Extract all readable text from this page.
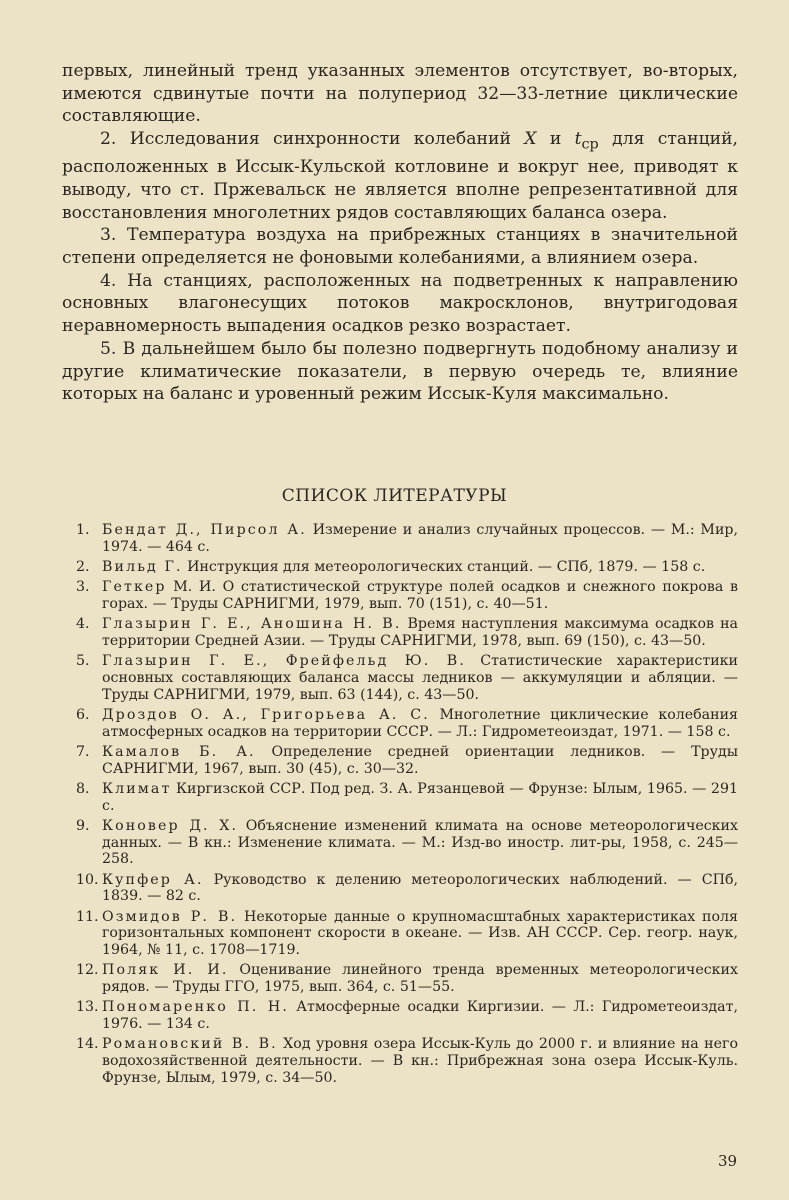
первых, линейный тренд указанных элементов отсутствует, во-вторых, имеются сдвинутые почти на полупериод 32—33-летние циклические составляющие.

2. Исследования синхронности колебаний X и $t_{ср}$ для станций, расположенных в Иссык-Кульской котловине и вокруг нее, приводят к выводу, что ст. Пржевальск не является вполне репрезентативной для восстановления многолетних рядов составляющих баланса озера.

3. Температура воздуха на прибрежных станциях в значительной степени определяется не фоновыми колебаниями, а влиянием озера.

4. На станциях, расположенных на подветренных к направлению основных влагонесущих потоков макросклонов, внутригодовая неравномерность выпадения осадков резко возрастает.

5. В дальнейшем было бы полезно подвергнуть подобному анализу и другие климатические показатели, в первую очередь те, влияние которых на баланс и уровенный режим Иссык-Куля максимально.

СПИСОК ЛИТЕРАТУРЫ
1. Бендат Д., Пирсол А. Измерение и анализ случайных процессов. — М.: Мир, 1974. — 464 с.
2. Вильд Г. Инструкция для метеорологических станций. — СПб, 1879. — 158 с.
3. Геткер М. И. О статистической структуре полей осадков и снежного покрова в горах. — Труды САРНИГМИ, 1979, вып. 70 (151), с. 40—51.
4. Глазырин Г. Е., Аношина Н. В. Время наступления максимума осадков на территории Средней Азии. — Труды САРНИГМИ, 1978, вып. 69 (150), с. 43—50.
5. Глазырин Г. Е., Фрейфельд Ю. В. Статистические характеристики основных составляющих баланса массы ледников — аккумуляции и абляции. — Труды САРНИГМИ, 1979, вып. 63 (144), с. 43—50.
6. Дроздов О. А., Григорьева А. С. Многолетние циклические колебания атмосферных осадков на территории СССР. — Л.: Гидрометеоиздат, 1971. — 158 с.
7. Камалов Б. А. Определение средней ориентации ледников. — Труды САРНИГМИ, 1967, вып. 30 (45), с. 30—32.
8. Климат Киргизской ССР. Под ред. З. А. Рязанцевой — Фрунзе: Ылым, 1965. — 291 с.
9. Коновер Д. Х. Объяснение изменений климата на основе метеорологических данных. — В кн.: Изменение климата. — М.: Изд-во иностр. лит-ры, 1958, с. 245—258.
10. Купфер А. Руководство к делению метеорологических наблюдений. — СПб, 1839. — 82 с.
11. Озмидов Р. В. Некоторые данные о крупномасштабных характеристиках поля горизонтальных компонент скорости в океане. — Изв. АН СССР. Сер. геогр. наук, 1964, № 11, с. 1708—1719.
12. Поляк И. И. Оценивание линейного тренда временных метеорологических рядов. — Труды ГГО, 1975, вып. 364, с. 51—55.
13. Пономаренко П. Н. Атмосферные осадки Киргизии. — Л.: Гидрометеоиздат, 1976. — 134 с.
14. Романовский В. В. Ход уровня озера Иссык-Куль до 2000 г. и влияние на него водохозяйственной деятельности. — В кн.: Прибрежная зона озера Иссык-Куль. Фрунзе, Ылым, 1979, с. 34—50.
39
